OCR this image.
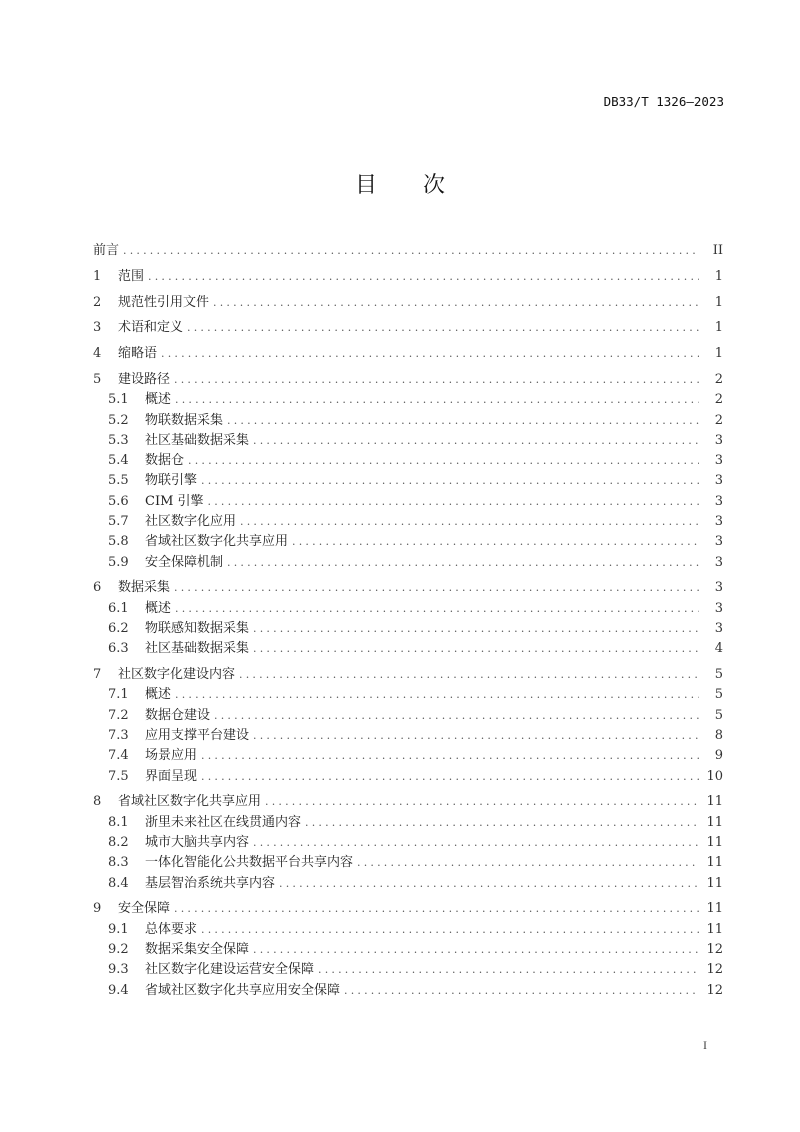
DB33/T 1326—2023
目 次
前言 .....	II
1	范围 .....	1
2	规范性引用文件 .....	1
3	术语和定义 .....	1
4	缩略语 .....	1
5	建设路径 .....	2
5.1	概述 .....	2
5.2	物联数据采集 .....	2
5.3	社区基础数据采集 .....	3
5.4	数据仓 .....	3
5.5	物联引擎 .....	3
5.6	CIM 引擎 .....	3
5.7	社区数字化应用 .....	3
5.8	省域社区数字化共享应用 .....	3
5.9	安全保障机制 .....	3
6	数据采集 .....	3
6.1	概述 .....	3
6.2	物联感知数据采集 .....	3
6.3	社区基础数据采集 .....	4
7	社区数字化建设内容 .....	5
7.1	概述 .....	5
7.2	数据仓建设 .....	5
7.3	应用支撑平台建设 .....	8
7.4	场景应用 .....	9
7.5	界面呈现 .....	10
8	省域社区数字化共享应用 .....	11
8.1	浙里未来社区在线贯通内容 .....	11
8.2	城市大脑共享内容 .....	11
8.3	一体化智能化公共数据平台共享内容 .....	11
8.4	基层智治系统共享内容 .....	11
9	安全保障 .....	11
9.1	总体要求 .....	11
9.2	数据采集安全保障 .....	12
9.3	社区数字化建设运营安全保障 .....	12
9.4	省域社区数字化共享应用安全保障 .....	12
I
